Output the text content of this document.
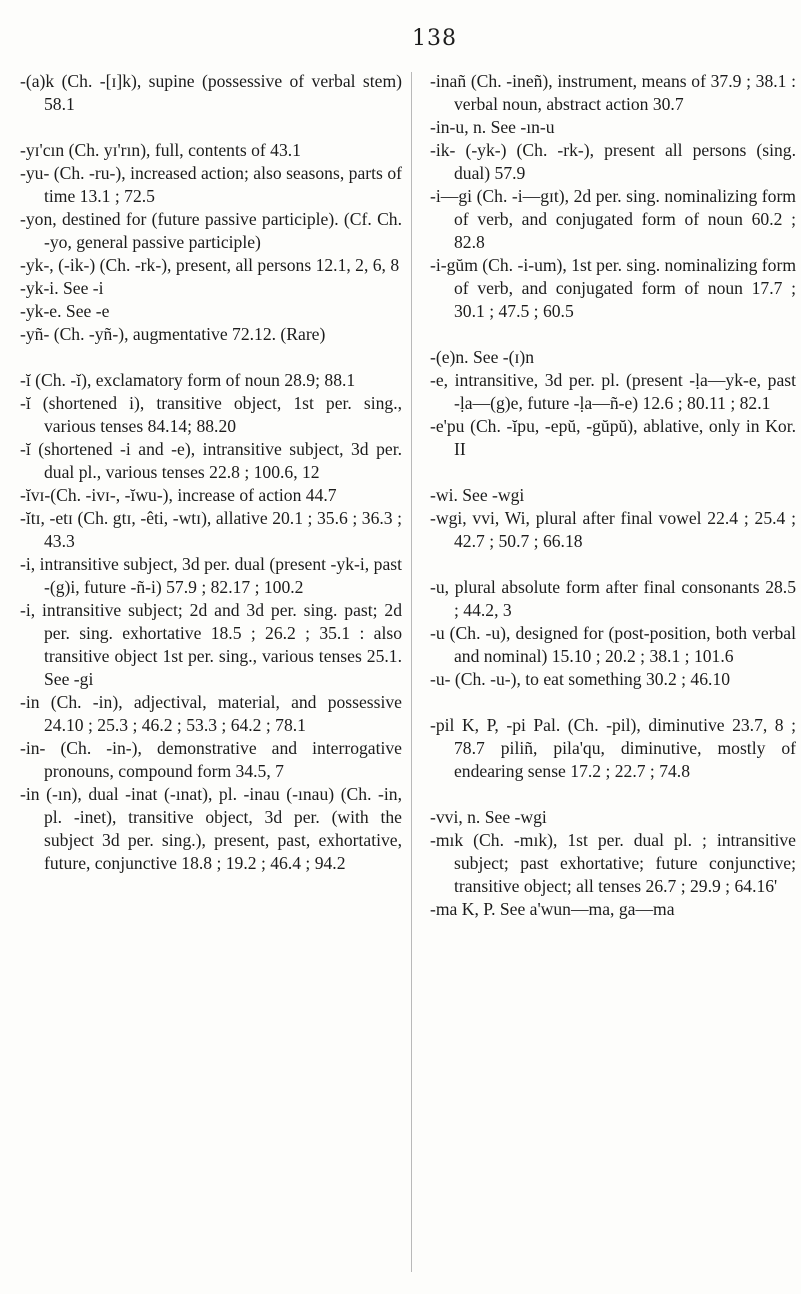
138

-(a)k (Ch. -[ɪ]k), supine (possessive of verbal stem) 58.1

-yɪ'cın (Ch. yɪ'rın), full, contents of 43.1

-yu- (Ch. -ru-), increased action; also seasons, parts of time 13.1 ; 72.5

-yon, destined for (future passive participle). (Cf. Ch. -yo, general passive participle)

-yk-, (-ik-) (Ch. -rk-), present, all persons 12.1, 2, 6, 8

-yk-i. See -i

-yk-e. See -e

-yñ- (Ch. -yñ-), augmentative 72.12. (Rare)

-ĭ (Ch. -ĭ), exclamatory form of noun 28.9; 88.1

-ĭ (shortened i), transitive object, 1st per. sing., various tenses 84.14; 88.20

-ĭ (shortened -i and -e), intransitive subject, 3d per. dual pl., various tenses 22.8 ; 100.6, 12

-ĭvɪ-(Ch. -ivɪ-, -ĭwu-), increase of action 44.7

-ĭtɪ, -etɪ (Ch. gtɪ, -êti, -wtɪ), allative 20.1 ; 35.6 ; 36.3 ; 43.3

-i, intransitive subject, 3d per. dual (present -yk-i, past -(g)i, future -ñ-i) 57.9 ; 82.17 ; 100.2

-i, intransitive subject; 2d and 3d per. sing. past; 2d per. sing. exhortative 18.5 ; 26.2 ; 35.1 : also transitive object 1st per. sing., various tenses 25.1. See -gi

-in (Ch. -in), adjectival, material, and possessive 24.10 ; 25.3 ; 46.2 ; 53.3 ; 64.2 ; 78.1

-in- (Ch. -in-), demonstrative and interrogative pronouns, compound form 34.5, 7

-in (-ın), dual -inat (-ınat), pl. -inau (-ınau) (Ch. -in, pl. -inet), transitive object, 3d per. (with the subject 3d per. sing.), present, past, exhortative, future, conjunctive 18.8 ; 19.2 ; 46.4 ; 94.2

-inañ (Ch. -ineñ), instrument, means of 37.9 ; 38.1 : verbal noun, abstract action 30.7

-in-u, n. See -ın-u

-ik- (-yk-) (Ch. -rk-), present all persons (sing. dual) 57.9

-i—gi (Ch. -i—gɪt), 2d per. sing. nominalizing form of verb, and conjugated form of noun 60.2 ; 82.8

-i-gŭm (Ch. -i-um), 1st per. sing. nominalizing form of verb, and conjugated form of noun 17.7 ; 30.1 ; 47.5 ; 60.5

-(e)n. See -(ɪ)n

-e, intransitive, 3d per. pl. (present -ḷa—yk-e, past -ḷa—(g)e, future -ḷa—ñ-e) 12.6 ; 80.11 ; 82.1

-e'pu (Ch. -ĭpu, -epŭ, -gŭpŭ), ablative, only in Kor. II

-wi. See -wgi

-wgi, vvi, Wi, plural after final vowel 22.4 ; 25.4 ; 42.7 ; 50.7 ; 66.18

-u, plural absolute form after final consonants 28.5 ; 44.2, 3

-u (Ch. -u), designed for (post-position, both verbal and nominal) 15.10 ; 20.2 ; 38.1 ; 101.6

-u- (Ch. -u-), to eat something 30.2 ; 46.10

-pil K, P, -pi Pal. (Ch. -pil), diminutive 23.7, 8 ; 78.7 piliñ, pila'qu, diminutive, mostly of endearing sense 17.2 ; 22.7 ; 74.8

-vvi, n. See -wgi

-mık (Ch. -mık), 1st per. dual pl. ; intransitive subject; past exhortative; future conjunctive; transitive object; all tenses 26.7 ; 29.9 ; 64.16'

-ma K, P. See a'wun—ma, ga—ma
